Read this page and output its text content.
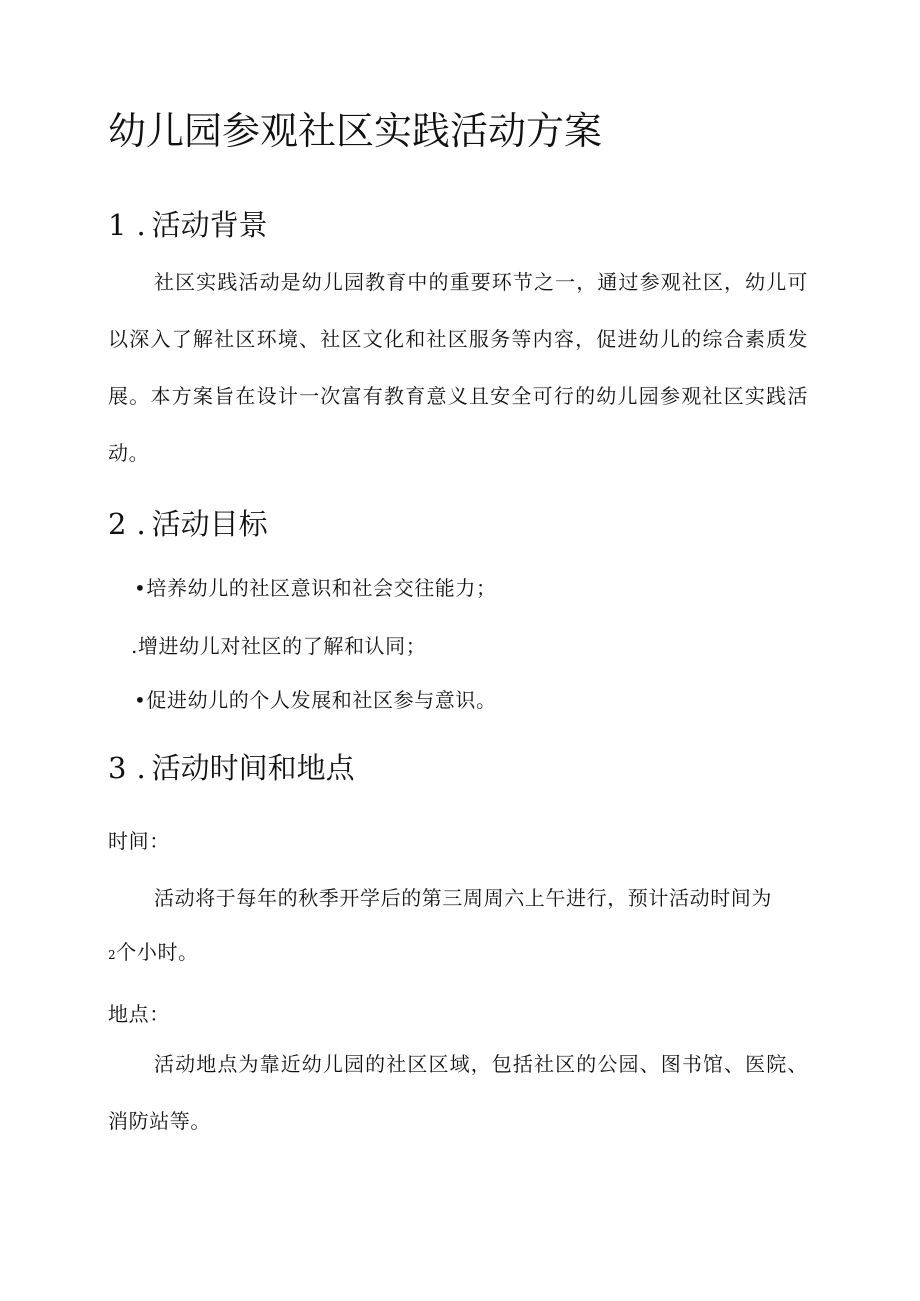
幼儿园参观社区实践活动方案
1 . 活动背景

社区实践活动是幼儿园教育中的重要环节之一，通过参观社区，幼儿可以深入了解社区环境、社区文化和社区服务等内容，促进幼儿的综合素质发展。本方案旨在设计一次富有教育意义且安全可行的幼儿园参观社区实践活动。

2 . 活动目标

•培养幼儿的社区意识和社会交往能力；

.增进幼儿对社区的了解和认同；

•促进幼儿的个人发展和社区参与意识。

3 . 活动时间和地点

时间：

活动将于每年的秋季开学后的第三周周六上午进行，预计活动时间为

2个小时。

地点：

活动地点为靠近幼儿园的社区区域，包括社区的公园、图书馆、医院、消防站等。
